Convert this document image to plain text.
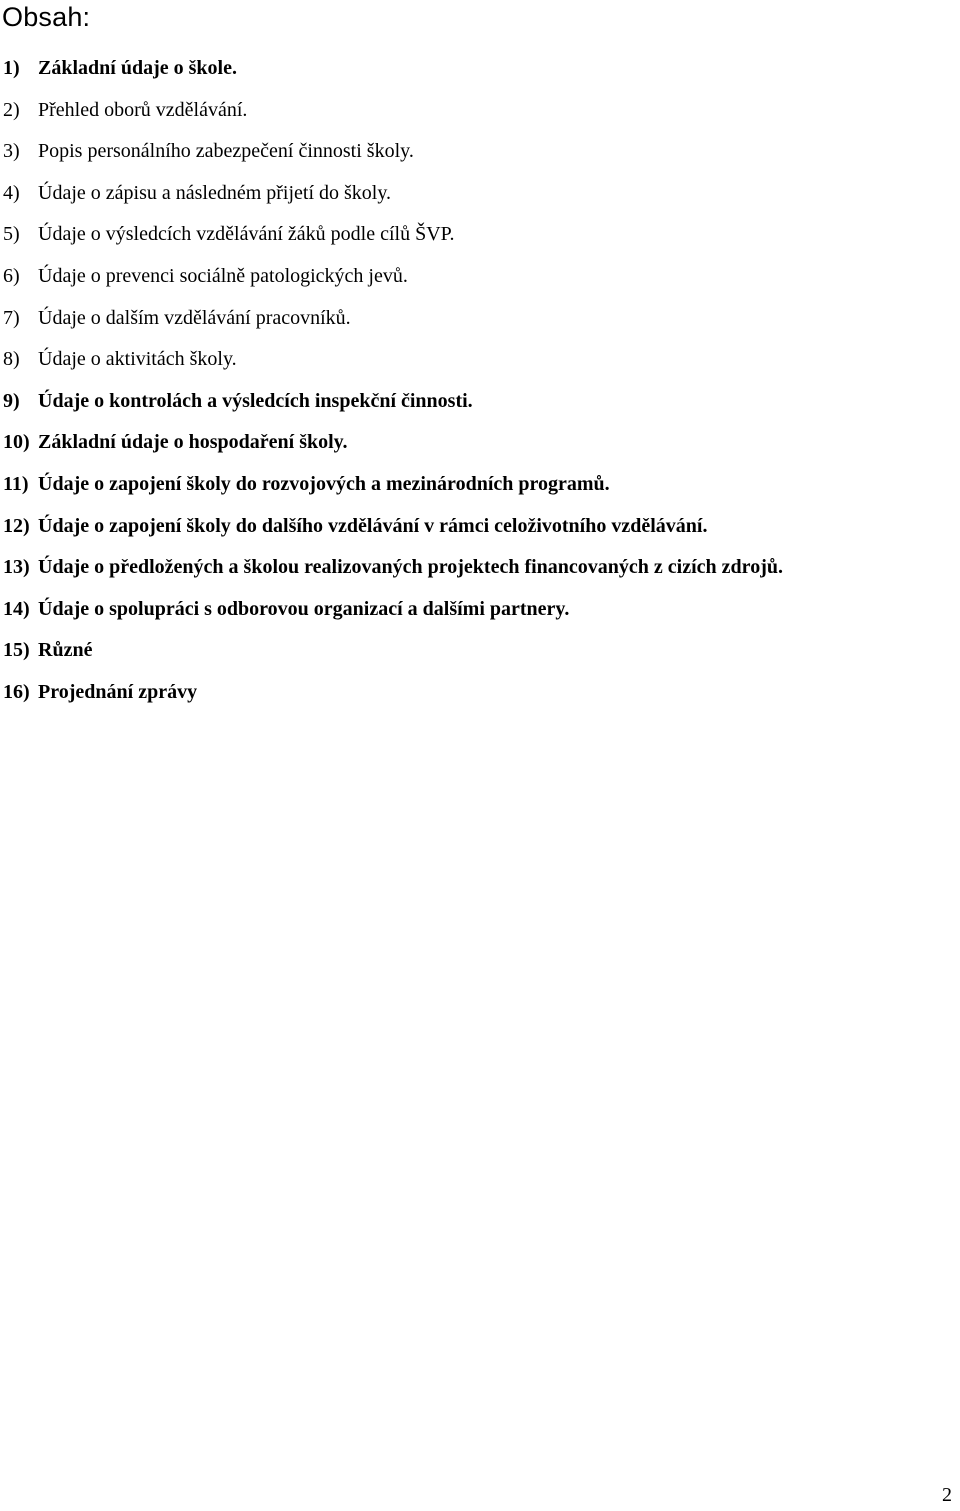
Obsah:
1) Základní údaje o škole.
2) Přehled oborů vzdělávání.
3) Popis personálního zabezpečení činnosti školy.
4) Údaje o zápisu a následném přijetí do školy.
5) Údaje o výsledcích vzdělávání žáků podle cílů ŠVP.
6) Údaje o prevenci sociálně patologických jevů.
7) Údaje o dalším vzdělávání pracovníků.
8) Údaje o aktivitách školy.
9) Údaje o kontrolách a výsledcích inspekční činnosti.
10) Základní údaje o hospodaření školy.
11) Údaje o zapojení školy do rozvojových a mezinárodních programů.
12) Údaje o zapojení školy do dalšího vzdělávání v rámci celoživotního vzdělávání.
13) Údaje o předložených a školou realizovaných projektech financovaných z cizích zdrojů.
14) Údaje o spolupráci s odborovou organizací a dalšími partnery.
15) Různé
16) Projednání zprávy
2
